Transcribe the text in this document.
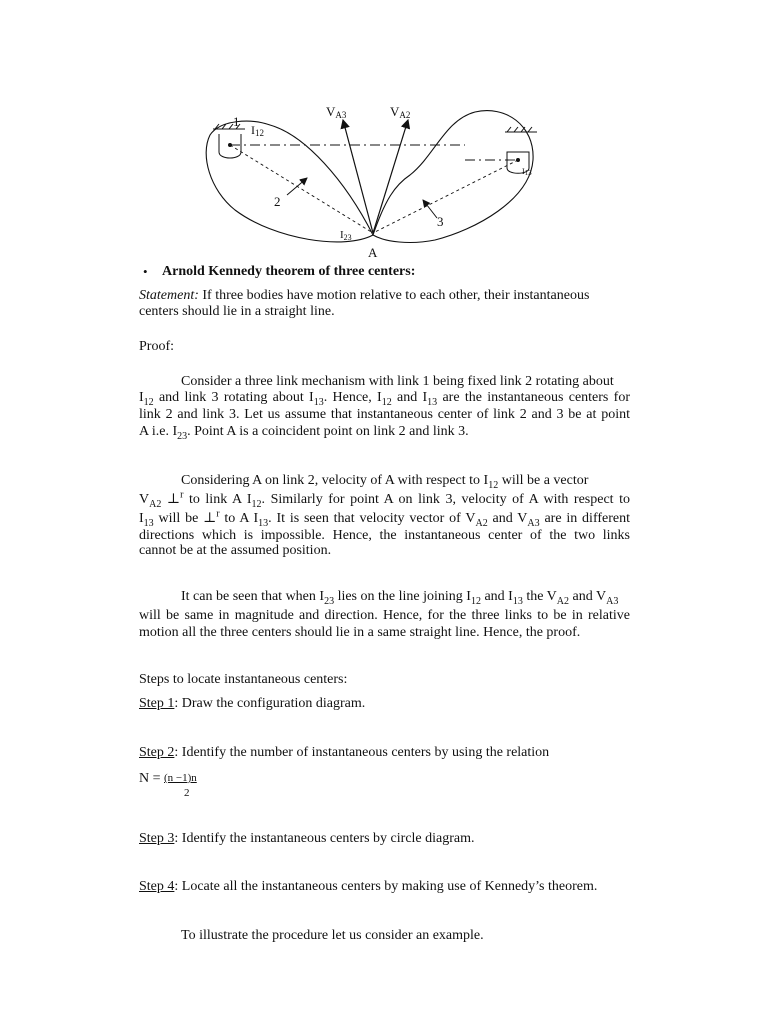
VA3	VA2
1
I12
I13
2
3
I23
A
• Arnold Kennedy theorem of three centers:
Statement: If three bodies have motion relative to each other, their instantaneous
centers should lie in a straight line.
Proof:
Consider a three link mechanism with link 1 being fixed link 2 rotating about
$I_{12}$ and link 3 rotating about $I_{13}$. Hence, $I_{12}$ and $I_{13}$ are the instantaneous centers for
link 2 and link 3. Let us assume that instantaneous center of link 2 and 3 be at point
A i.e. $I_{23}$. Point A is a coincident point on link 2 and link 3.
Considering A on link 2, velocity of A with respect to $I_{12}$ will be a vector
$V_{A2}$ ⊥$^r$ to link A $I_{12}$. Similarly for point A on link 3, velocity of A with respect to
$I_{13}$ will be ⊥$^r$ to A $I_{13}$. It is seen that velocity vector of $V_{A2}$ and $V_{A3}$ are in different
directions which is impossible. Hence, the instantaneous center of the two links
cannot be at the assumed position.
It can be seen that when $I_{23}$ lies on the line joining $I_{12}$ and $I_{13}$ the $V_{A2}$ and $V_{A3}$
will be same in magnitude and direction. Hence, for the three links to be in relative
motion all the three centers should lie in a same straight line. Hence, the proof.
Steps to locate instantaneous centers:
Step 1: Draw the configuration diagram.
Step 2: Identify the number of instantaneous centers by using the relation
N = (n −1)n
2
Step 3: Identify the instantaneous centers by circle diagram.
Step 4: Locate all the instantaneous centers by making use of Kennedy’s theorem.
To illustrate the procedure let us consider an example.
